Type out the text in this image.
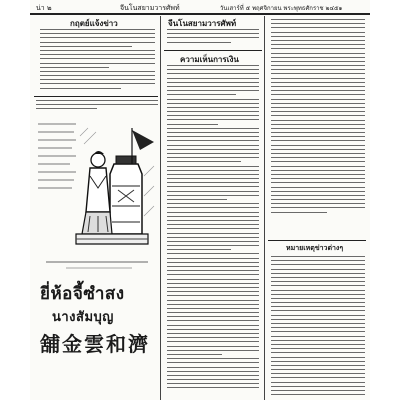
น่า ๒	จีนโนสยามวารศัพท์	วันเสาร์ที่ ๕ พฤศจิกายน พระพุทธศักราช ๒๔๕๑
กฤตย์แจ้งข่าว
ยี่ห้อจี้ซำสง
นางสัมบุญ
舖金雲和濟
จีนโนสยามวารศัพท์
ความเห็นการเงิน
หมายเหตุข่าวต่างๆ
